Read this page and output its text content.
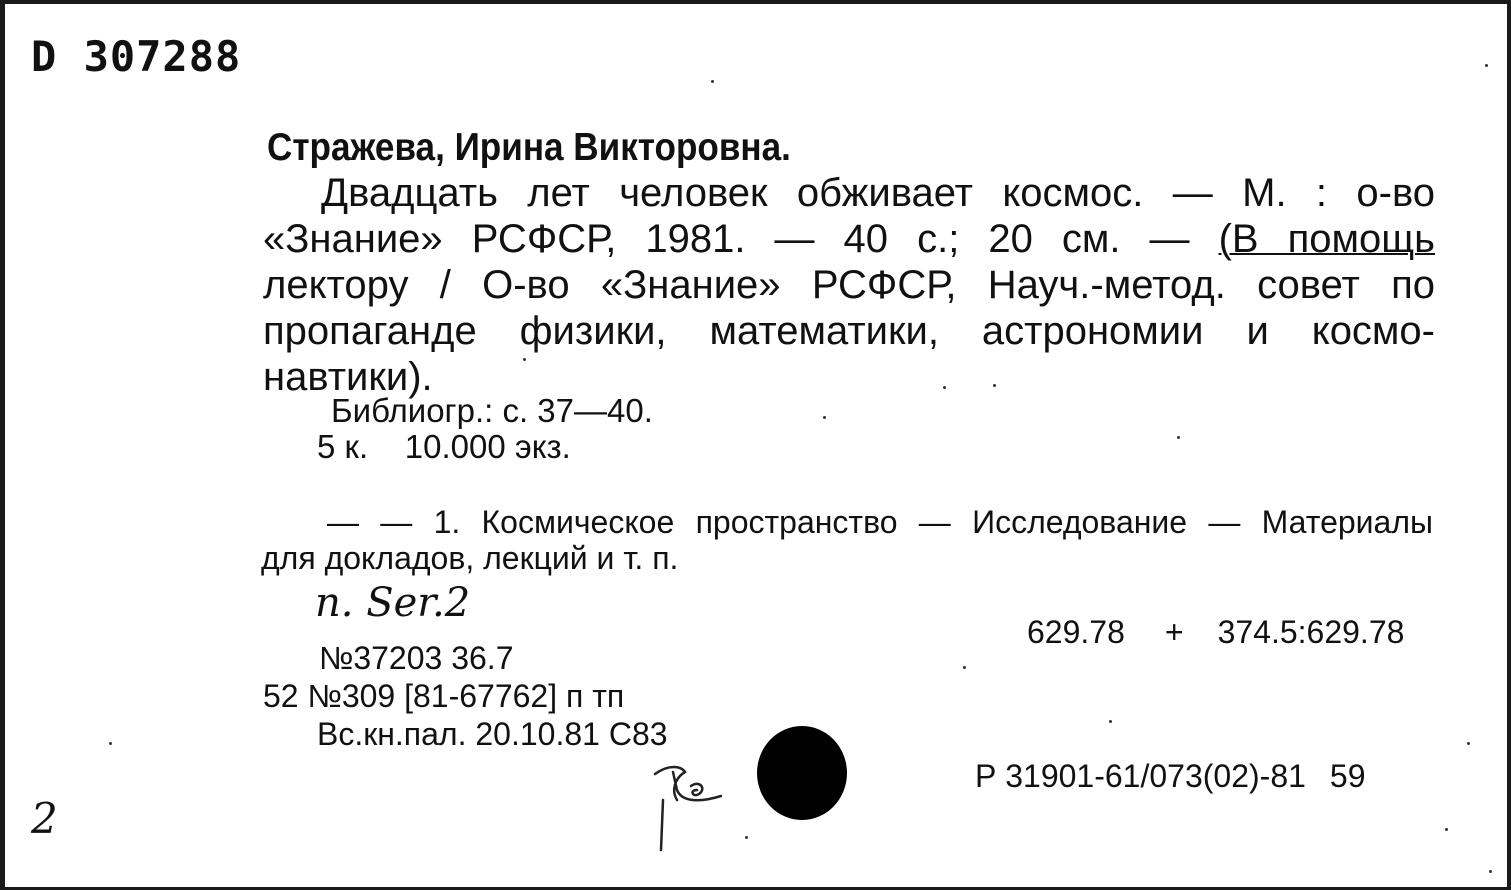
D 307288
Стражева, Ирина Викторовна.
Двадцать лет человек обживает космос. — М. : о-во
«Знание» РСФСР, 1981. — 40 с.; 20 см. — (В помощь
лектору / О-во «Знание» РСФСР, Науч.-метод. совет по
пропаганде физики, математики, астрономии и космо-
навтики).
Библиогр.: с. 37—40.
5 к.    10.000 экз.
— — 1. Космическое пространство — Исследование — Материалы
для докладов, лекций и т. п.
п. Ser.2
№37203 36.7
52 №309 [81-67762] п тп
Вс.кн.пал. 20.10.81 С83
629.78 + 374.5:629.78
Р 31901-61/073(02)-81 59
2
